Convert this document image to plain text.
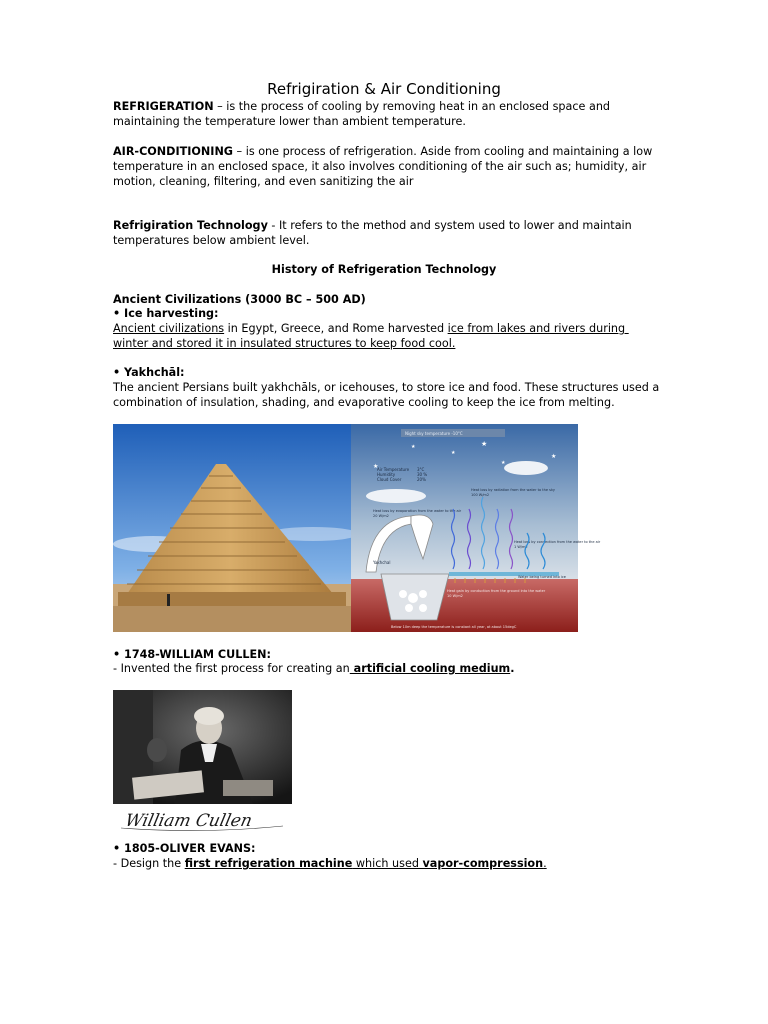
Refrigiration & Air Conditioning
REFRIGERATION – is the process of cooling by removing heat in an enclosed space and
maintaining the temperature lower than ambient temperature.
AIR-CONDITIONING – is one process of refrigeration. Aside from cooling and maintaining a low
temperature in an enclosed space, it also involves conditioning of the air such as; humidity, air
motion, cleaning, filtering, and even sanitizing the air
Refrigiration Technology - It refers to the method and system used to lower and maintain
temperatures below ambient level.
History of Refrigeration Technology
Ancient Civilizations (3000 BC – 500 AD)
• Ice harvesting:
Ancient civilizations in Egypt, Greece, and Rome harvested ice from lakes and rivers during
winter and stored it in insulated structures to keep food cool.
• Yakhchāl:
The ancient Persians built yakhchāls, or icehouses, to store ice and food. These structures used a
combination of insulation, shading, and evaporative cooling to keep the ice from melting.
Night sky temperature -10°C
★
★
★
★
★
★
Air Temperature 3°C
Humidity	30 %
Cloud Cover	20%
Heat loss by radiation from the water to the sky
100 W/m2
Heat loss by evaporation from the water to the air
20 W/m2
Heat loss by convection from the water to the air
1 W/m2
Yakhchal
Water being turned into ice
Heat gain by conduction from the ground into the water
10 W/m2
Below 10m deep the temperature is constant all year, at about 15degC
• 1748-WILLIAM CULLEN:
- Invented the first process for creating an artificial cooling medium.
William Cullen
• 1805-OLIVER EVANS:
- Design the first refrigeration machine which used vapor-compression.
